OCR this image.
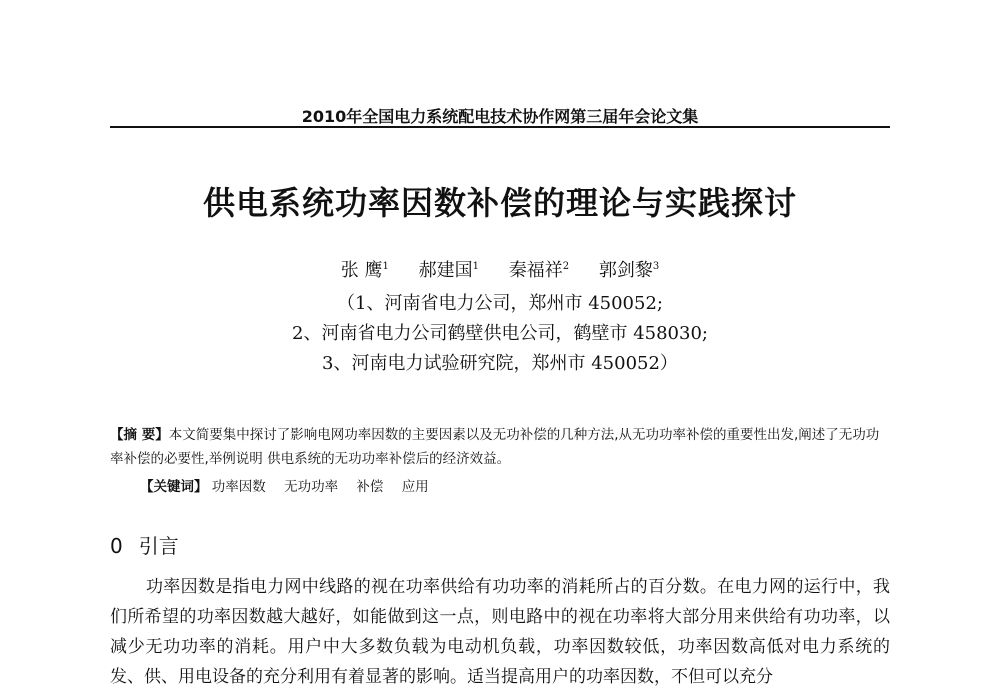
2010年全国电力系统配电技术协作网第三届年会论文集
供电系统功率因数补偿的理论与实践探讨
张 鹰$^1$ 郝建国$^1$ 秦福祥$^2$ 郭剑黎$^3$
（1、河南省电力公司，郑州市 450052;
2、河南省电力公司鹤壁供电公司，鹤壁市 458030;
3、河南电力试验研究院，郑州市 450052）
【摘 要】本文简要集中探讨了影响电网功率因数的主要因素以及无功补偿的几种方法,从无功功率补偿的重要性出发,阐述了无功功率补偿的必要性,举例说明 供电系统的无功功率补偿后的经济效益。
【关键词】 功率因数 无功功率 补偿 应用
0 引言
功率因数是指电力网中线路的视在功率供给有功功率的消耗所占的百分数。在电力网的运行中，我们所希望的功率因数越大越好，如能做到这一点，则电路中的视在功率将大部分用来供给有功功率，以减少无功功率的消耗。用户中大多数负载为电动机负载，功率因数较低，功率因数高低对电力系统的发、供、用电设备的充分利用有着显著的影响。适当提高用户的功率因数，不但可以充分
